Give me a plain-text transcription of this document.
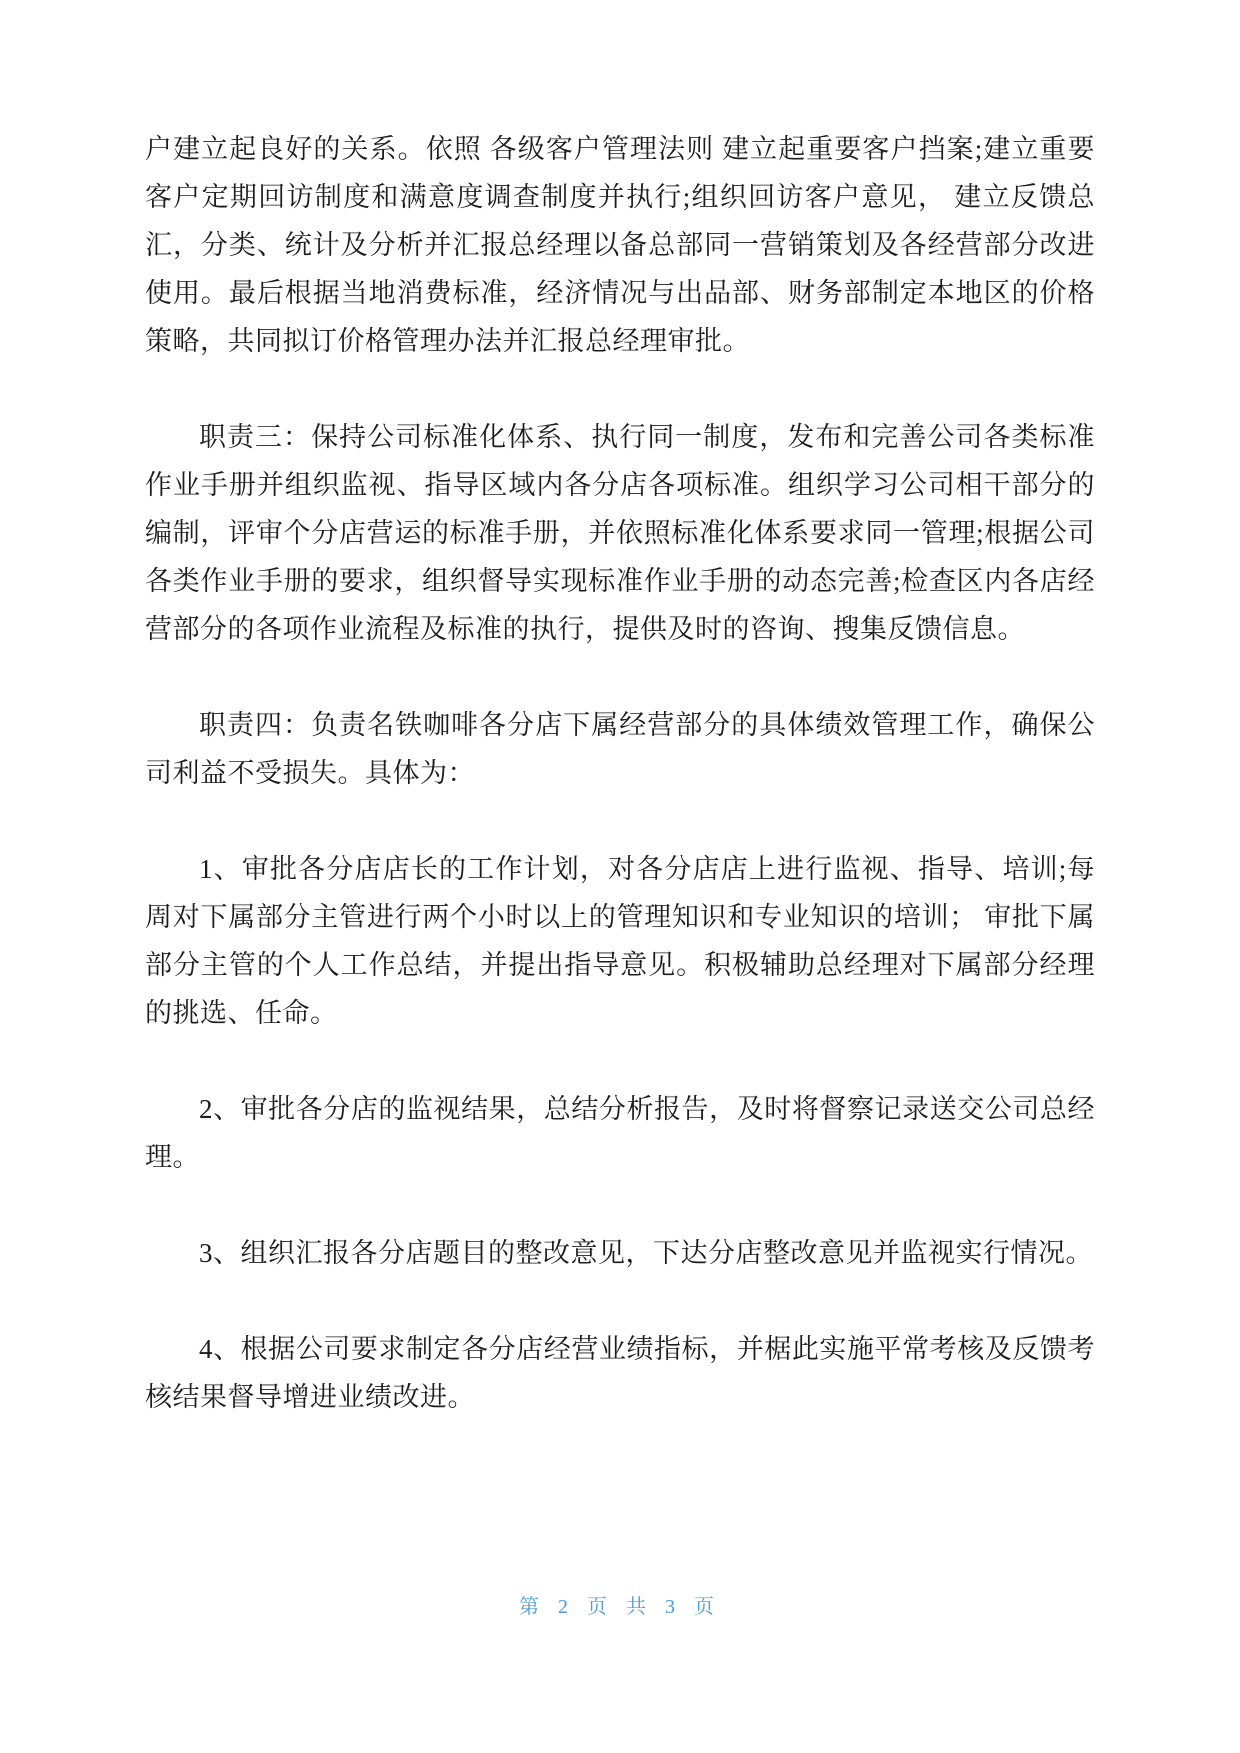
户建立起良好的关系。依照 各级客户管理法则 建立起重要客户挡案;建立重要客户定期回访制度和满意度调查制度并执行;组织回访客户意见， 建立反馈总汇，分类、统计及分析并汇报总经理以备总部同一营销策划及各经营部分改进使用。最后根据当地消费标准，经济情况与出品部、财务部制定本地区的价格策略，共同拟订价格管理办法并汇报总经理审批。
职责三：保持公司标准化体系、执行同一制度，发布和完善公司各类标准作业手册并组织监视、指导区域内各分店各项标准。组织学习公司相干部分的编制，评审个分店营运的标准手册，并依照标准化体系要求同一管理;根据公司各类作业手册的要求，组织督导实现标准作业手册的动态完善;检查区内各店经营部分的各项作业流程及标准的执行，提供及时的咨询、搜集反馈信息。
职责四：负责名铁咖啡各分店下属经营部分的具体绩效管理工作，确保公司利益不受损失。具体为：
1、审批各分店店长的工作计划，对各分店店上进行监视、指导、培训;每周对下属部分主管进行两个小时以上的管理知识和专业知识的培训； 审批下属部分主管的个人工作总结，并提出指导意见。积极辅助总经理对下属部分经理的挑选、任命。
2、审批各分店的监视结果，总结分析报告，及时将督察记录送交公司总经理。
3、组织汇报各分店题目的整改意见，下达分店整改意见并监视实行情况。
4、根据公司要求制定各分店经营业绩指标，并椐此实施平常考核及反馈考核结果督导增进业绩改进。
第 2 页 共 3 页
